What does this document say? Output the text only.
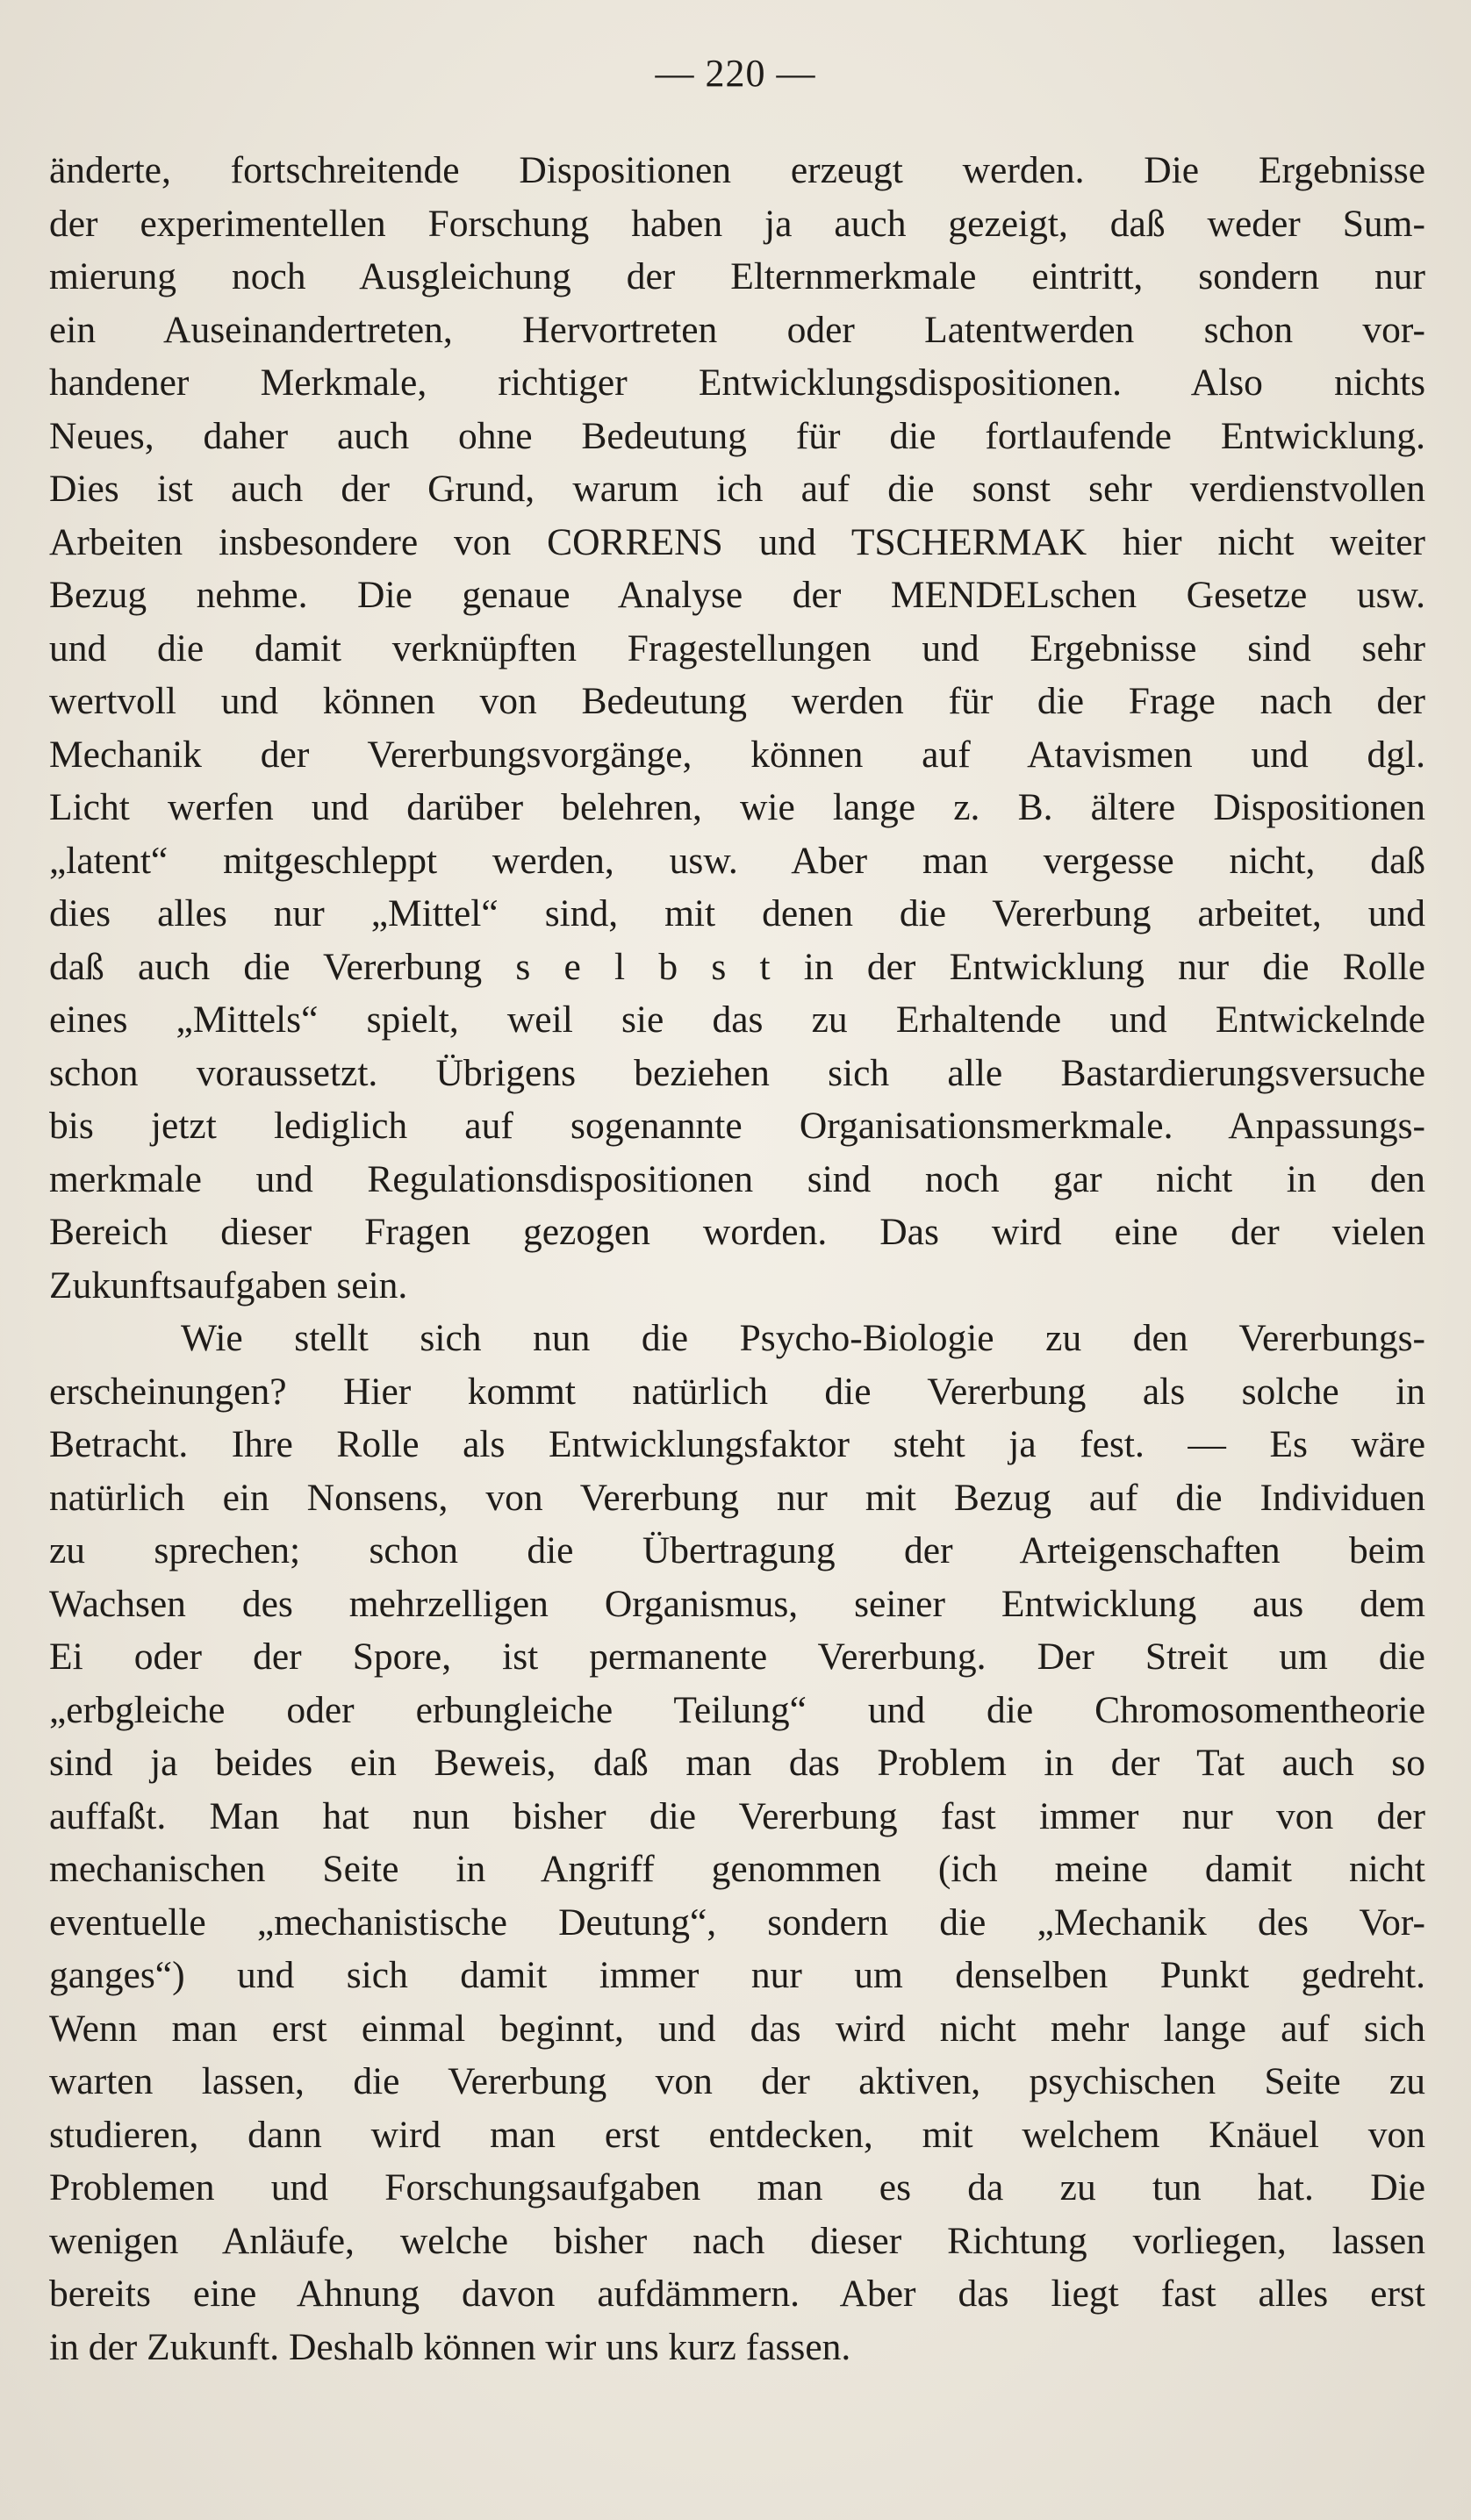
— 220 —
änderte, fortschreitende Dispositionen erzeugt werden. Die Ergebnisse
der experimentellen Forschung haben ja auch gezeigt, daß weder Sum-
mierung noch Ausgleichung der Elternmerkmale eintritt, sondern nur
ein Auseinandertreten, Hervortreten oder Latentwerden schon vor-
handener Merkmale, richtiger Entwicklungsdispositionen. Also nichts
Neues, daher auch ohne Bedeutung für die fortlaufende Entwicklung.
Dies ist auch der Grund, warum ich auf die sonst sehr verdienstvollen
Arbeiten insbesondere von CORRENS und TSCHERMAK hier nicht weiter
Bezug nehme. Die genaue Analyse der MENDELschen Gesetze usw.
und die damit verknüpften Fragestellungen und Ergebnisse sind sehr
wertvoll und können von Bedeutung werden für die Frage nach der
Mechanik der Vererbungsvorgänge, können auf Atavismen und dgl.
Licht werfen und darüber belehren, wie lange z. B. ältere Dispositionen
„latent“ mitgeschleppt werden, usw. Aber man vergesse nicht, daß
dies alles nur „Mittel“ sind, mit denen die Vererbung arbeitet, und
daß auch die Vererbung s e l b s t in der Entwicklung nur die Rolle
eines „Mittels“ spielt, weil sie das zu Erhaltende und Entwickelnde
schon voraussetzt. Übrigens beziehen sich alle Bastardierungsversuche
bis jetzt lediglich auf sogenannte Organisationsmerkmale. Anpassungs-
merkmale und Regulationsdispositionen sind noch gar nicht in den
Bereich dieser Fragen gezogen worden. Das wird eine der vielen
Zukunftsaufgaben sein.
Wie stellt sich nun die Psycho-Biologie zu den Vererbungs-
erscheinungen? Hier kommt natürlich die Vererbung als solche in
Betracht. Ihre Rolle als Entwicklungsfaktor steht ja fest. — Es wäre
natürlich ein Nonsens, von Vererbung nur mit Bezug auf die Individuen
zu sprechen; schon die Übertragung der Arteigenschaften beim
Wachsen des mehrzelligen Organismus, seiner Entwicklung aus dem
Ei oder der Spore, ist permanente Vererbung. Der Streit um die
„erbgleiche oder erbungleiche Teilung“ und die Chromosomentheorie
sind ja beides ein Beweis, daß man das Problem in der Tat auch so
auffaßt. Man hat nun bisher die Vererbung fast immer nur von der
mechanischen Seite in Angriff genommen (ich meine damit nicht
eventuelle „mechanistische Deutung“, sondern die „Mechanik des Vor-
ganges“) und sich damit immer nur um denselben Punkt gedreht.
Wenn man erst einmal beginnt, und das wird nicht mehr lange auf sich
warten lassen, die Vererbung von der aktiven, psychischen Seite zu
studieren, dann wird man erst entdecken, mit welchem Knäuel von
Problemen und Forschungsaufgaben man es da zu tun hat. Die
wenigen Anläufe, welche bisher nach dieser Richtung vorliegen, lassen
bereits eine Ahnung davon aufdämmern. Aber das liegt fast alles erst
in der Zukunft. Deshalb können wir uns kurz fassen.
